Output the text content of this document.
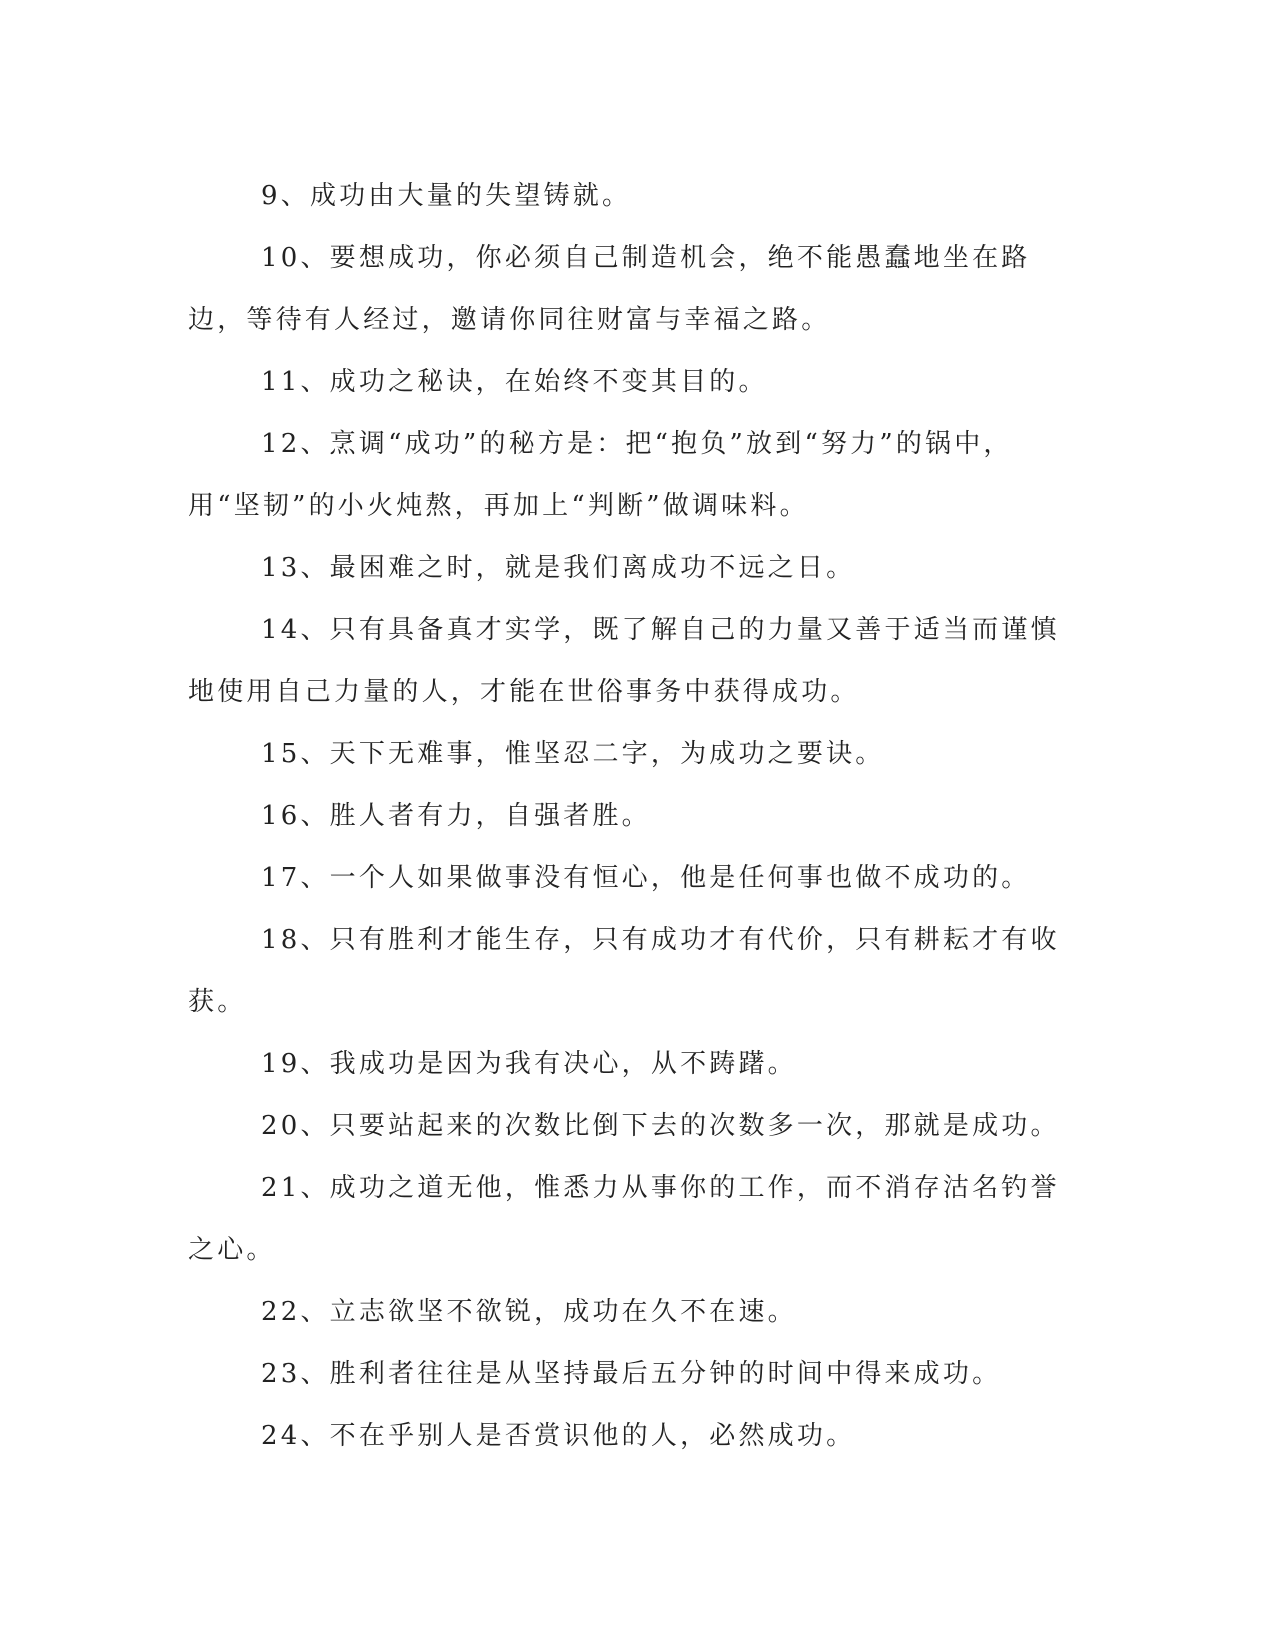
9、成功由大量的失望铸就。

10、要想成功，你必须自己制造机会，绝不能愚蠢地坐在路边，等待有人经过，邀请你同往财富与幸福之路。

11、成功之秘诀，在始终不变其目的。

12、烹调“成功”的秘方是：把“抱负”放到“努力”的锅中，用“坚韧”的小火炖熬，再加上“判断”做调味料。

13、最困难之时，就是我们离成功不远之日。

14、只有具备真才实学，既了解自己的力量又善于适当而谨慎地使用自己力量的人，才能在世俗事务中获得成功。

15、天下无难事，惟坚忍二字，为成功之要诀。

16、胜人者有力，自强者胜。

17、一个人如果做事没有恒心，他是任何事也做不成功的。

18、只有胜利才能生存，只有成功才有代价，只有耕耘才有收获。

19、我成功是因为我有决心，从不踌躇。

20、只要站起来的次数比倒下去的次数多一次，那就是成功。

21、成功之道无他，惟悉力从事你的工作，而不消存沽名钓誉之心。

22、立志欲坚不欲锐，成功在久不在速。

23、胜利者往往是从坚持最后五分钟的时间中得来成功。

24、不在乎别人是否赏识他的人，必然成功。
